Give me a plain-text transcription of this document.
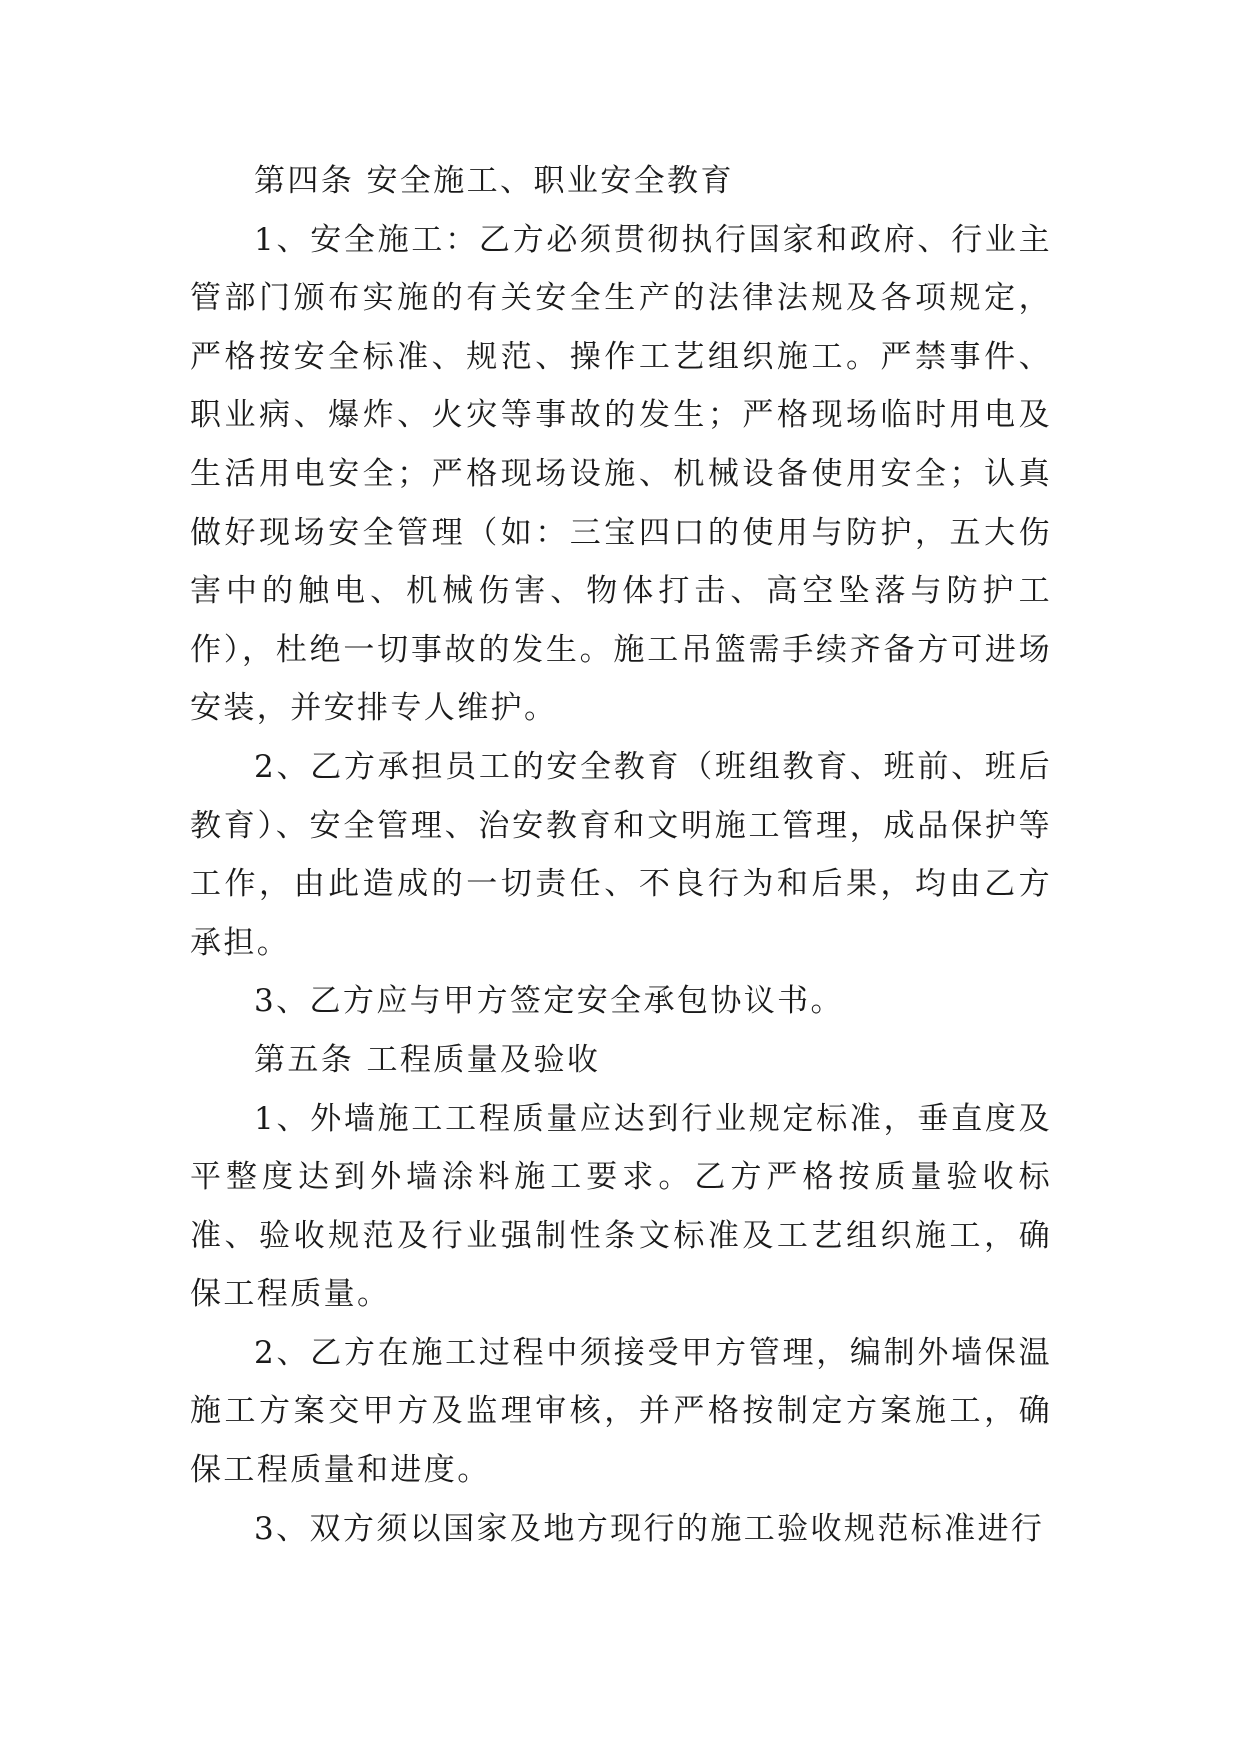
第四条 安全施工、职业安全教育

1、安全施工：乙方必须贯彻执行国家和政府、行业主管部门颁布实施的有关安全生产的法律法规及各项规定，严格按安全标准、规范、操作工艺组织施工。严禁事件、职业病、爆炸、火灾等事故的发生；严格现场临时用电及生活用电安全；严格现场设施、机械设备使用安全；认真做好现场安全管理（如：三宝四口的使用与防护，五大伤害中的触电、机械伤害、物体打击、高空坠落与防护工作），杜绝一切事故的发生。施工吊篮需手续齐备方可进场安装，并安排专人维护。

2、乙方承担员工的安全教育（班组教育、班前、班后教育）、安全管理、治安教育和文明施工管理，成品保护等工作，由此造成的一切责任、不良行为和后果，均由乙方承担。

3、乙方应与甲方签定安全承包协议书。

第五条 工程质量及验收

1、外墙施工工程质量应达到行业规定标准，垂直度及平整度达到外墙涂料施工要求。乙方严格按质量验收标准、验收规范及行业强制性条文标准及工艺组织施工，确保工程质量。

2、乙方在施工过程中须接受甲方管理，编制外墙保温施工方案交甲方及监理审核，并严格按制定方案施工，确保工程质量和进度。

3、双方须以国家及地方现行的施工验收规范标准进行
